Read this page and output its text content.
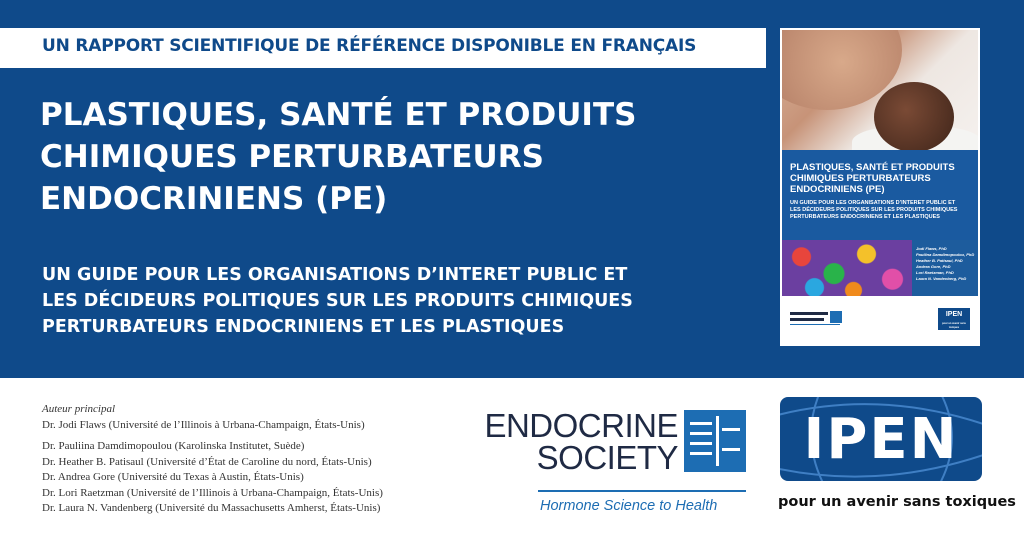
UN RAPPORT SCIENTIFIQUE DE RÉFÉRENCE DISPONIBLE EN FRANÇAIS
PLASTIQUES, SANTÉ ET PRODUITS
CHIMIQUES PERTURBATEURS
ENDOCRINIENS (PE)

UN GUIDE POUR LES ORGANISATIONS D’INTERET PUBLIC ET
LES DÉCIDEURS POLITIQUES SUR LES PRODUITS CHIMIQUES
PERTURBATEURS ENDOCRINIENS ET LES PLASTIQUES

PLASTIQUES, SANTÉ ET PRODUITS
CHIMIQUES PERTURBATEURS
ENDOCRINIENS (PE)

UN GUIDE POUR LES ORGANISATIONS D’INTERET PUBLIC ET
LES DÉCIDEURS POLITIQUES SUR LES PRODUITS CHIMIQUES
PERTURBATEURS ENDOCRINIENS ET LES PLASTIQUES

Jodi Flaws, PhD
Pauliina Damdimopoulou, PhD
Heather B. Patisaul, PhD
Andrea Gore, PhD
Lori Raetzman, PhD
Laura N. Vandenberg, PhD

IPEN
pour un avenir sans toxiques
Auteur principal
Dr. Jodi Flaws (Université de l’Illinois à Urbana-Champaign, États-Unis)
Dr. Pauliina Damdimopoulou (Karolinska Institutet, Suède)
Dr. Heather B. Patisaul (Université d’État de Caroline du nord, États-Unis)
Dr. Andrea Gore (Université du Texas à Austin, États-Unis)
Dr. Lori Raetzman (Université de l’Illinois à Urbana-Champaign, États-Unis)
Dr. Laura N. Vandenberg (Université du Massachusetts Amherst, États-Unis)
ENDOCRINE
SOCIETY
Hormone Science to Health
IPEN
pour un avenir sans toxiques
